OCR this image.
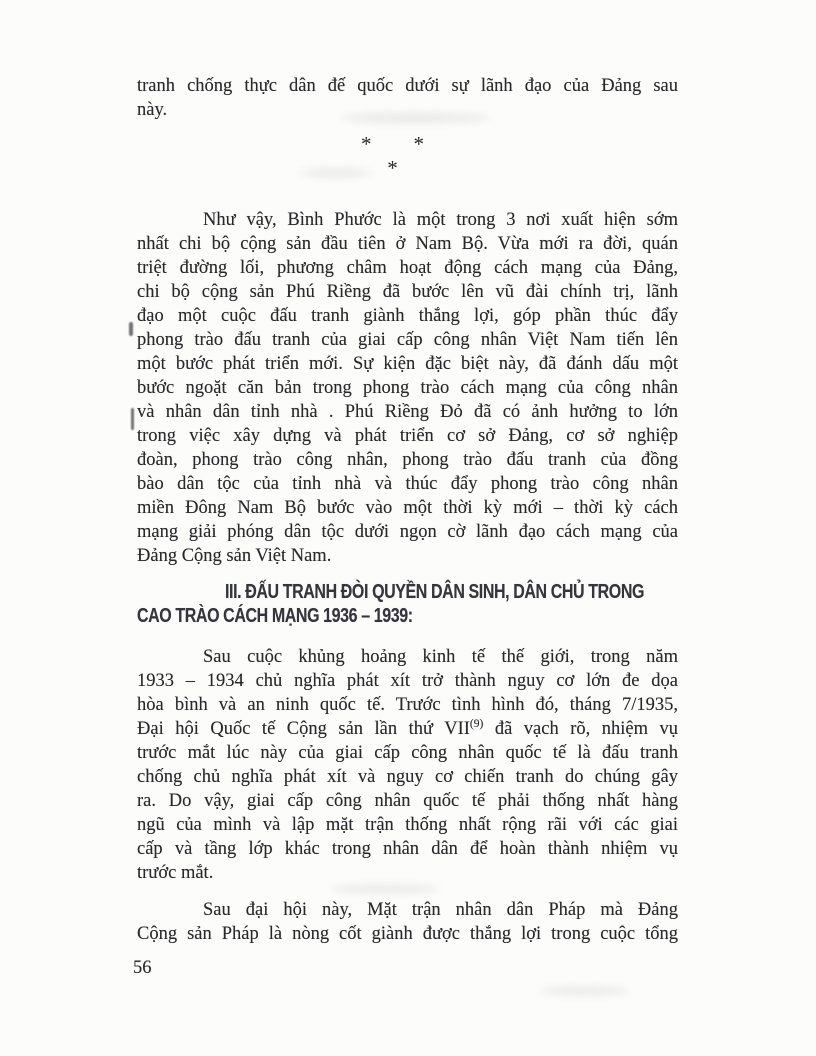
tranh chống thực dân đế quốc dưới sự lãnh đạo của Đảng sau
này.
* *
*
Như vậy, Bình Phước là một trong 3 nơi xuất hiện sớm
nhất chi bộ cộng sản đầu tiên ở Nam Bộ. Vừa mới ra đời, quán
triệt đường lối, phương châm hoạt động cách mạng của Đảng,
chi bộ cộng sản Phú Riềng đã bước lên vũ đài chính trị, lãnh
đạo một cuộc đấu tranh giành thắng lợi, góp phần thúc đẩy
phong trào đấu tranh của giai cấp công nhân Việt Nam tiến lên
một bước phát triển mới. Sự kiện đặc biệt này, đã đánh dấu một
bước ngoặt căn bản trong phong trào cách mạng của công nhân
và nhân dân tỉnh nhà . Phú Riềng Đỏ đã có ảnh hưởng to lớn
trong việc xây dựng và phát triển cơ sở Đảng, cơ sở nghiệp
đoàn, phong trào công nhân, phong trào đấu tranh của đồng
bào dân tộc của tỉnh nhà và thúc đẩy phong trào công nhân
miền Đông Nam Bộ bước vào một thời kỳ mới – thời kỳ cách
mạng giải phóng dân tộc dưới ngọn cờ lãnh đạo cách mạng của
Đảng Cộng sản Việt Nam.
III. ĐẤU TRANH ĐÒI QUYỀN DÂN SINH, DÂN CHỦ TRONG
CAO TRÀO CÁCH MẠNG 1936 – 1939:
Sau cuộc khủng hoảng kinh tế thế giới, trong năm
1933 – 1934 chủ nghĩa phát xít trở thành nguy cơ lớn đe dọa
hòa bình và an ninh quốc tế. Trước tình hình đó, tháng 7/1935,
Đại hội Quốc tế Cộng sản lần thứ VII$^{(9)}$ đã vạch rõ, nhiệm vụ
trước mắt lúc này của giai cấp công nhân quốc tế là đấu tranh
chống chủ nghĩa phát xít và nguy cơ chiến tranh do chúng gây
ra. Do vậy, giai cấp công nhân quốc tế phải thống nhất hàng
ngũ của mình và lập mặt trận thống nhất rộng rãi với các giai
cấp và tầng lớp khác trong nhân dân để hoàn thành nhiệm vụ
trước mắt.
Sau đại hội này, Mặt trận nhân dân Pháp mà Đảng
Cộng sản Pháp là nòng cốt giành được thắng lợi trong cuộc tổng
56
